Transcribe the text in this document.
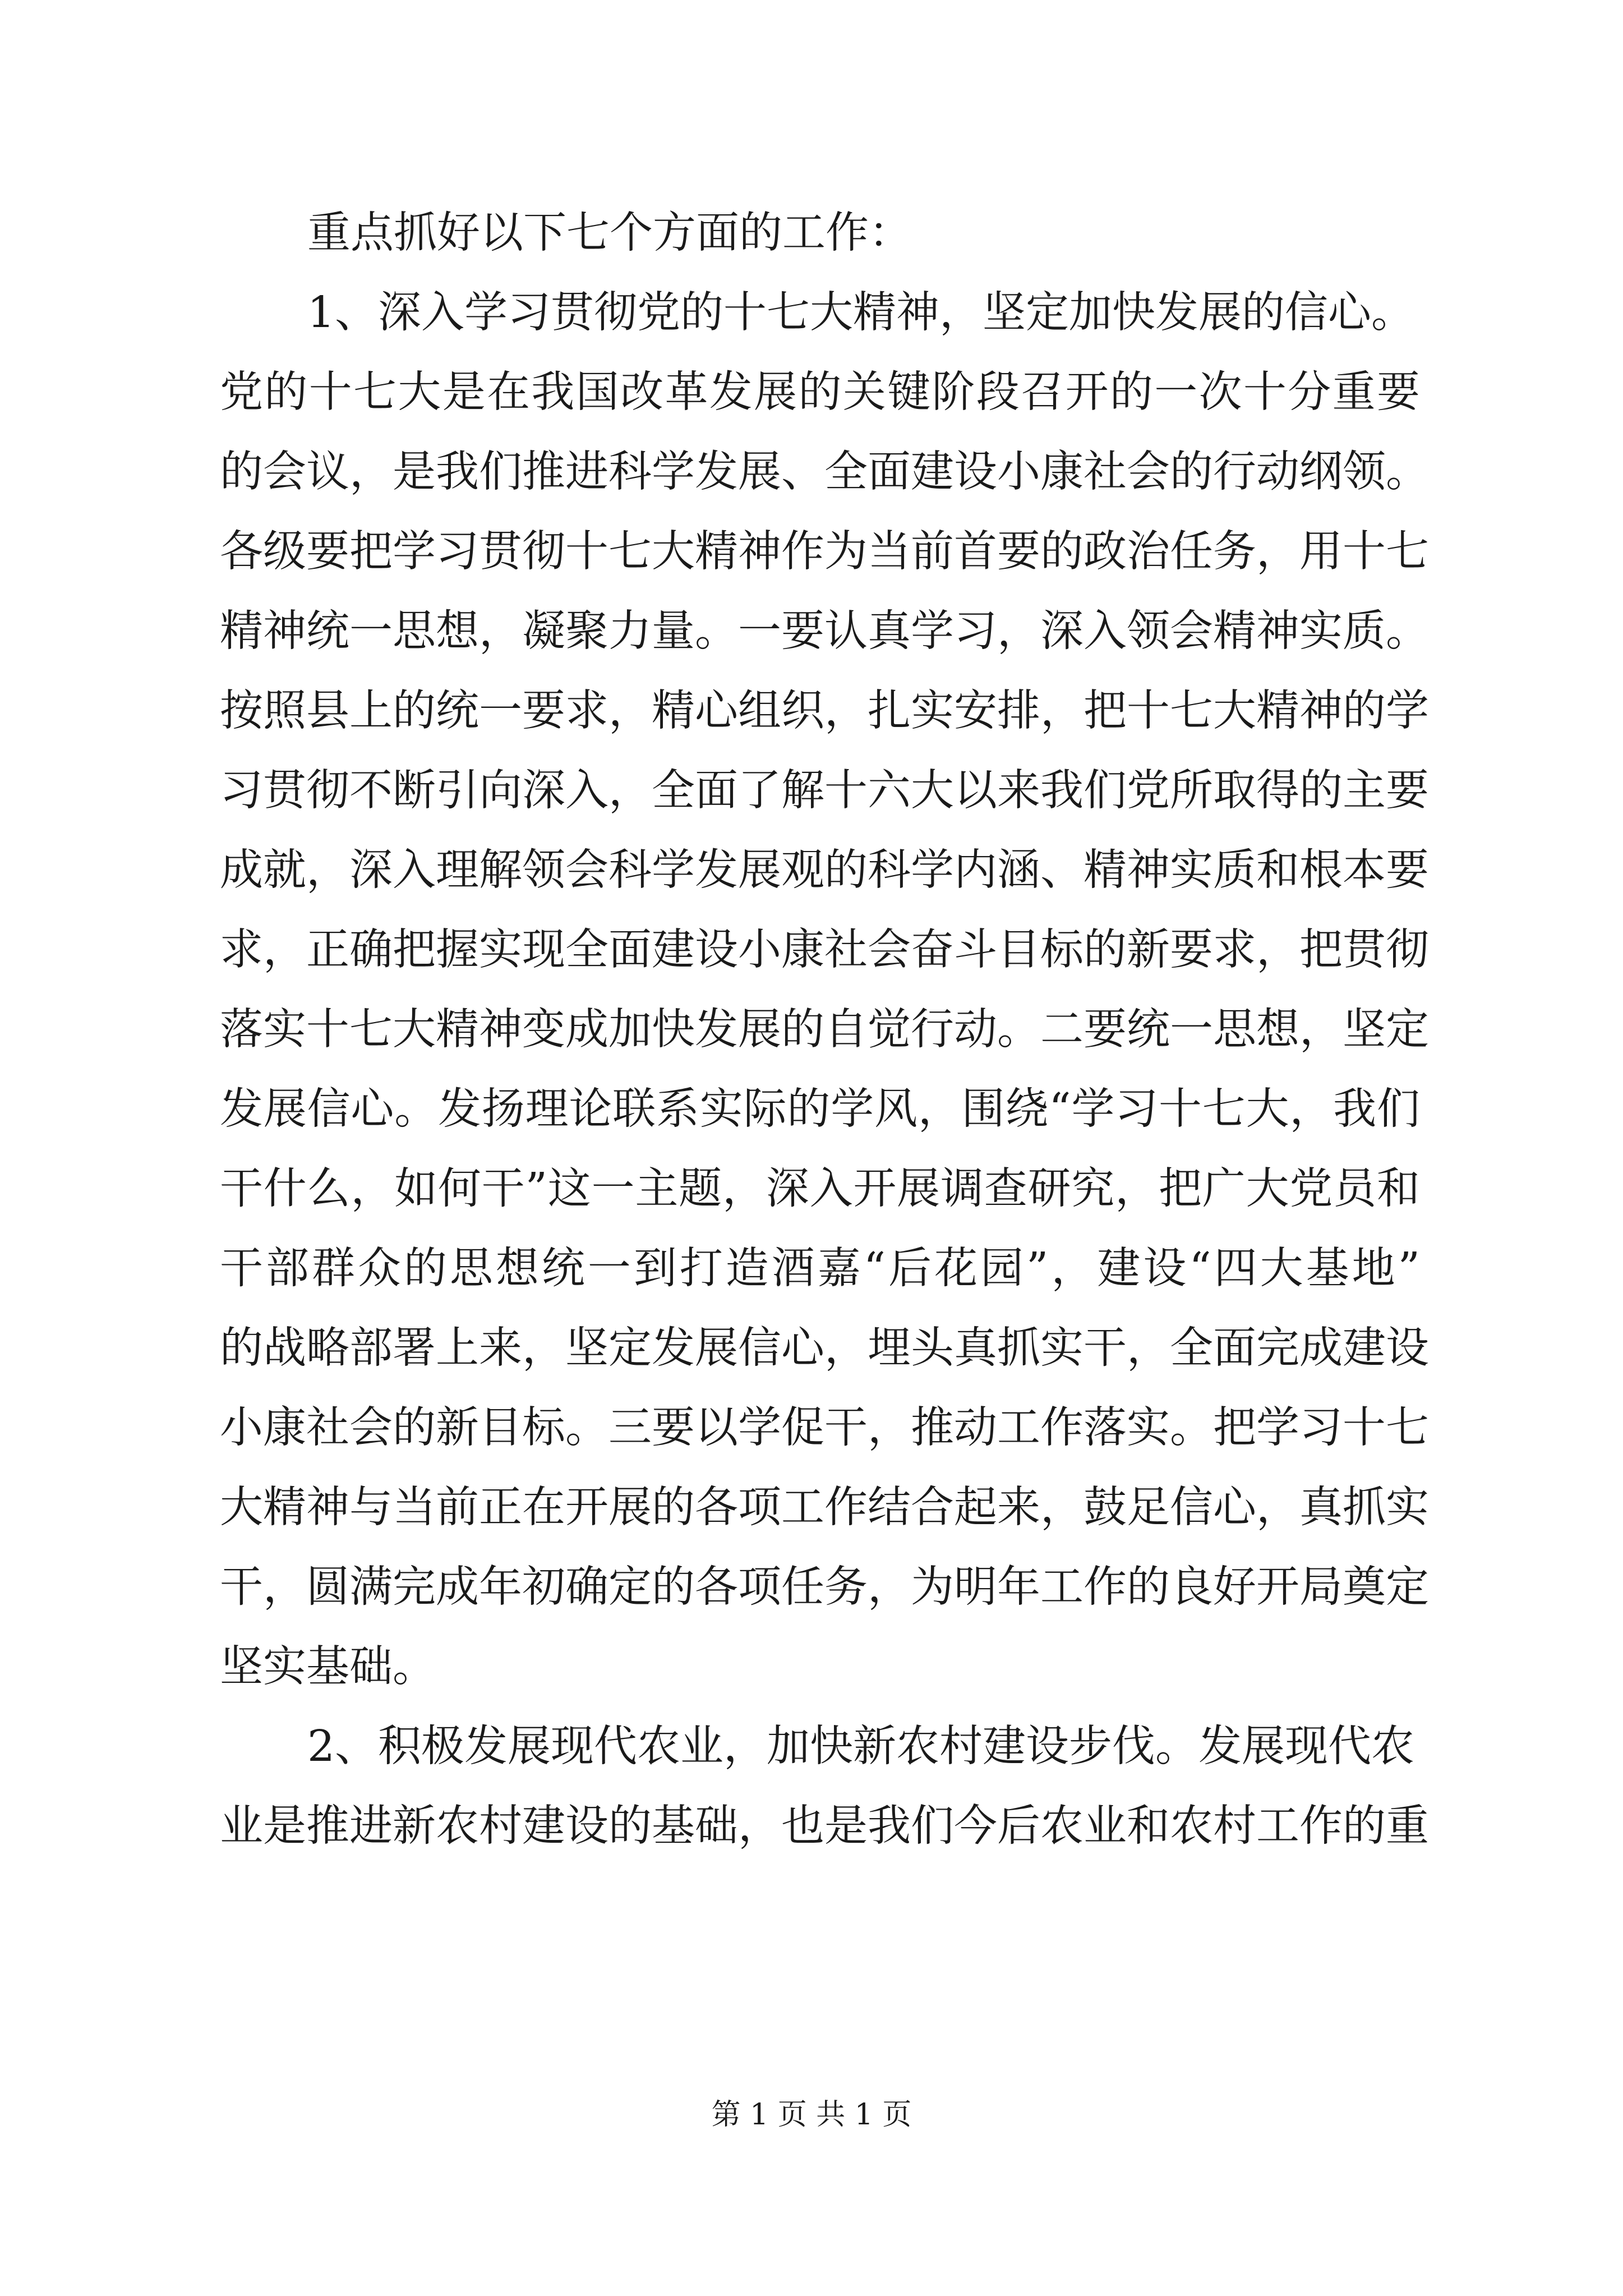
重点抓好以下七个方面的工作：
1、深入学习贯彻党的十七大精神，坚定加快发展的信心。
党的十七大是在我国改革发展的关键阶段召开的一次十分重要
的会议，是我们推进科学发展、全面建设小康社会的行动纲领。
各级要把学习贯彻十七大精神作为当前首要的政治任务，用十七
精神统一思想，凝聚力量。一要认真学习，深入领会精神实质。
按照县上的统一要求，精心组织，扎实安排，把十七大精神的学
习贯彻不断引向深入，全面了解十六大以来我们党所取得的主要
成就，深入理解领会科学发展观的科学内涵、精神实质和根本要
求，正确把握实现全面建设小康社会奋斗目标的新要求，把贯彻
落实十七大精神变成加快发展的自觉行动。二要统一思想，坚定
发展信心。发扬理论联系实际的学风，围绕“学习十七大，我们
干什么，如何干”这一主题，深入开展调查研究，把广大党员和
干部群众的思想统一到打造酒嘉“后花园”，建设“四大基地”
的战略部署上来，坚定发展信心，埋头真抓实干，全面完成建设
小康社会的新目标。三要以学促干，推动工作落实。把学习十七
大精神与当前正在开展的各项工作结合起来，鼓足信心，真抓实
干，圆满完成年初确定的各项任务，为明年工作的良好开局奠定
坚实基础。
2、积极发展现代农业，加快新农村建设步伐。发展现代农
业是推进新农村建设的基础，也是我们今后农业和农村工作的重
第 1 页 共 1 页
